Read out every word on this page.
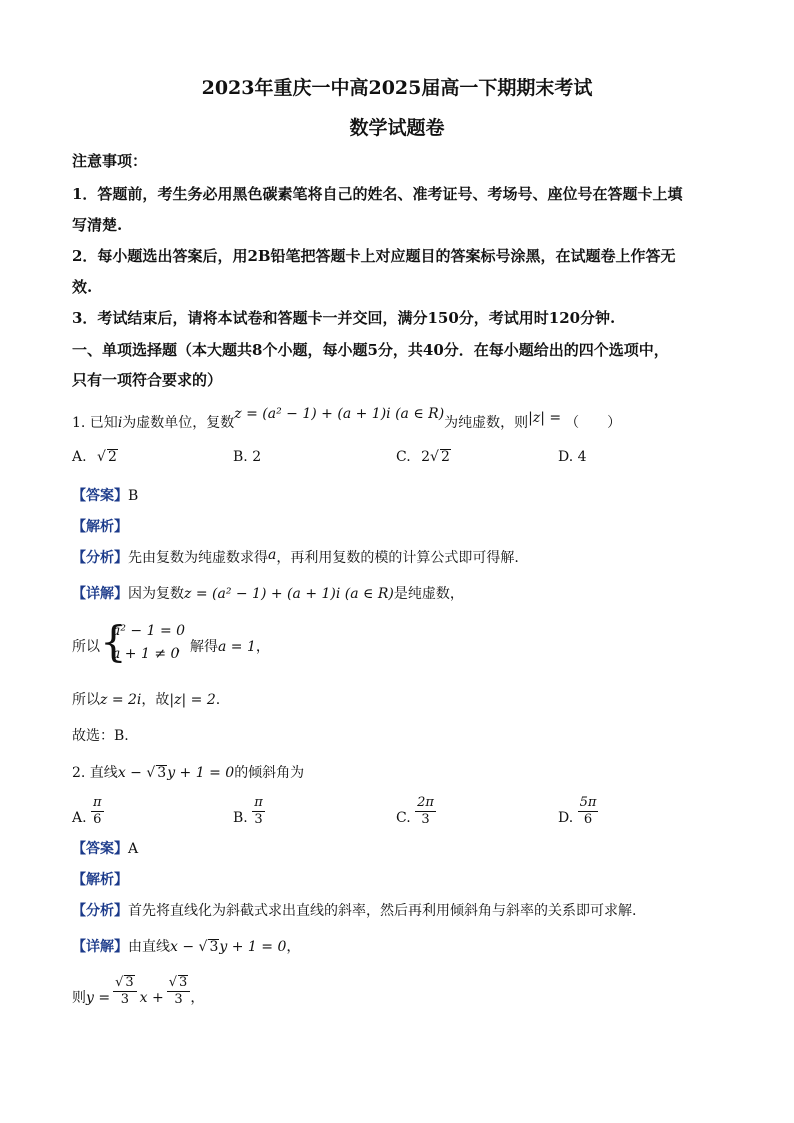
2023年重庆一中高2025届高一下期期末考试
数学试题卷
注意事项：
1．答题前，考生务必用黑色碳素笔将自己的姓名、准考证号、考场号、座位号在答题卡上填
写清楚.
2．每小题选出答案后，用2B铅笔把答题卡上对应题目的答案标号涂黑，在试题卷上作答无
效.
3．考试结束后，请将本试卷和答题卡一并交回，满分150分，考试用时120分钟.
一、单项选择题（本大题共8个小题，每小题5分，共40分．在每小题给出的四个选项中，
只有一项符合要求的）
1. 已知i为虚数单位，复数z = (a² − 1) + (a + 1)i (a ∈ R)为纯虚数，则|z| = （　　）
A. √ 2	B. 2	C. 2√ 2	D. 4
【答案】B
【解析】
【分析】先由复数为纯虚数求得a，再利用复数的模的计算公式即可得解.
【详解】因为复数z = (a² − 1) + (a + 1)i (a ∈ R)是纯虚数，
所以 {
a² − 1 = 0
a + 1 ≠ 0
，解得a = 1，
所以z = 2i，故|z| = 2.
故选：B.
2. 直线x − √ 3y + 1 = 0的倾斜角为
A. $\frac{\pi}{6}$	B. $\frac{\pi}{3}$	C. $\frac{2\pi}{3}$	D. $\frac{5\pi}{6}$
【答案】A
【解析】
【分析】首先将直线化为斜截式求出直线的斜率，然后再利用倾斜角与斜率的关系即可求解.
【详解】由直线x − √ 3y + 1 = 0，
则$y = \frac{√ 3}{3}$ $x + \frac{√ 3}{3}$ ，
